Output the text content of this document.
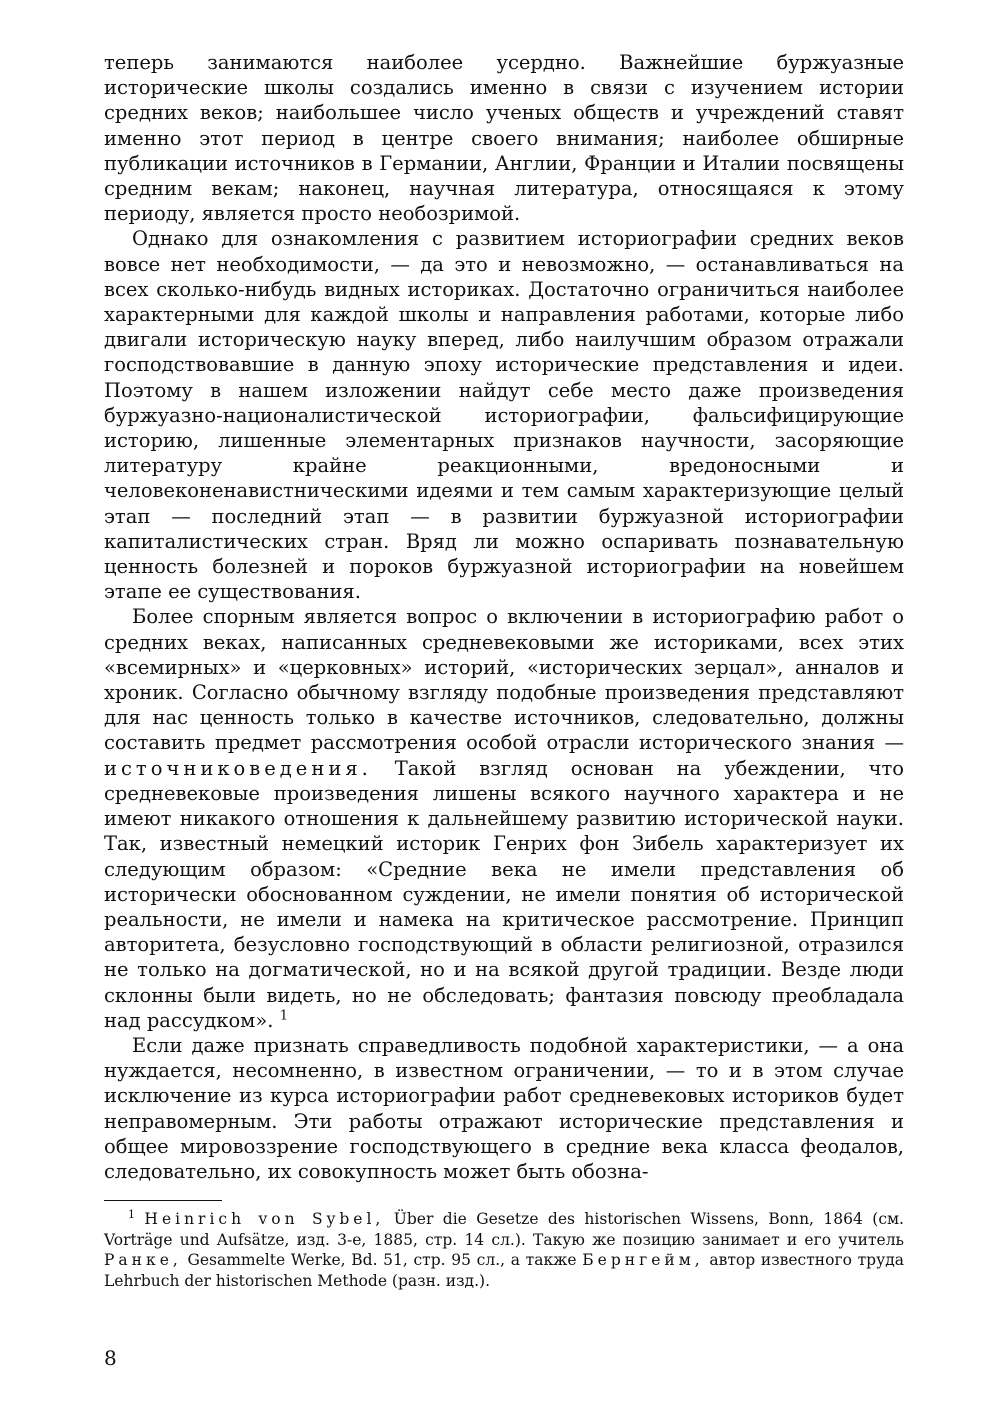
теперь занимаются наиболее усердно. Важнейшие буржуазные исторические школы создались именно в связи с изучением истории средних веков; наибольшее число ученых обществ и учреждений ставят именно этот период в центре своего внимания; наиболее обширные публикации источников в Германии, Англии, Франции и Италии посвящены средним векам; наконец, научная литература, относящаяся к этому периоду, является просто необозримой.

Однако для ознакомления с развитием историографии средних веков вовсе нет необходимости, — да это и невозможно, — останавливаться на всех сколько-нибудь видных историках. Достаточно ограничиться наиболее характерными для каждой школы и направления работами, которые либо двигали историческую науку вперед, либо наилучшим образом отражали господствовавшие в данную эпоху исторические представления и идеи. Поэтому в нашем изложении найдут себе место даже произведения буржуазно-националистической историографии, фальсифицирующие историю, лишенные элементарных признаков научности, засоряющие литературу крайне реакционными, вредоносными и человеконенавистническими идеями и тем самым характеризующие целый этап — последний этап — в развитии буржуазной историографии капиталистических стран. Вряд ли можно оспаривать познавательную ценность болезней и пороков буржуазной историографии на новейшем этапе ее существования.

Более спорным является вопрос о включении в историографию работ о средних веках, написанных средневековыми же историками, всех этих «всемирных» и «церковных» историй, «исторических зерцал», анналов и хроник. Согласно обычному взгляду подобные произведения представляют для нас ценность только в качестве источников, следовательно, должны составить предмет рассмотрения особой отрасли исторического знания — источниковедения. Такой взгляд основан на убеждении, что средневековые произведения лишены всякого научного характера и не имеют никакого отношения к дальнейшему развитию исторической науки. Так, известный немецкий историк Генрих фон Зибель характеризует их следующим образом: «Средние века не имели представления об исторически обоснованном суждении, не имели понятия об исторической реальности, не имели и намека на критическое рассмотрение. Принцип авторитета, безусловно господствующий в области религиозной, отразился не только на догматической, но и на всякой другой традиции. Везде люди склонны были видеть, но не обследовать; фантазия повсюду преобладала над рассудком». $^1$

Если даже признать справедливость подобной характеристики, — а она нуждается, несомненно, в известном ограничении, — то и в этом случае исключение из курса историографии работ средневековых историков будет неправомерным. Эти работы отражают исторические представления и общее мировоззрение господствующего в средние века класса феодалов, следовательно, их совокупность может быть обозна-

$^1$ Heinrich von Sybel, Über die Gesetze des historischen Wissens, Bonn, 1864 (см. Vorträge und Aufsätze, изд. 3-е, 1885, стр. 14 сл.). Такую же позицию занимает и его учитель Ранке, Gesammelte Werke, Bd. 51, стр. 95 сл., а также Бернгейм, автор известного труда Lehrbuch der historischen Methode (разн. изд.).

8
